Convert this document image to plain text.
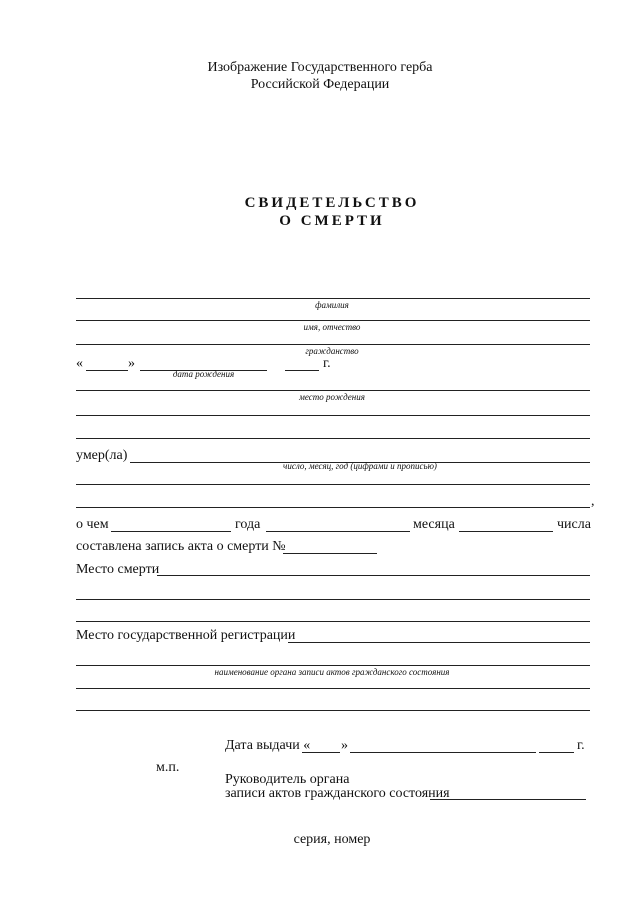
Изображение Государственного герба
Российской Федерации
СВИДЕТЕЛЬСТВО
О СМЕРТИ
фамилия
имя, отчество
гражданство
«	»	г.
дата рождения
место рождения
умер(ла)
число, месяц, год (цифрами и прописью)
,
о чем	года	месяца	числа
составлена запись акта о смерти №
Место смерти
Место государственной регистрации
наименование органа записи актов гражданского состояния
Дата выдачи « »	г.
м.п.
Руководитель органа
записи актов гражданского состояния
серия, номер
